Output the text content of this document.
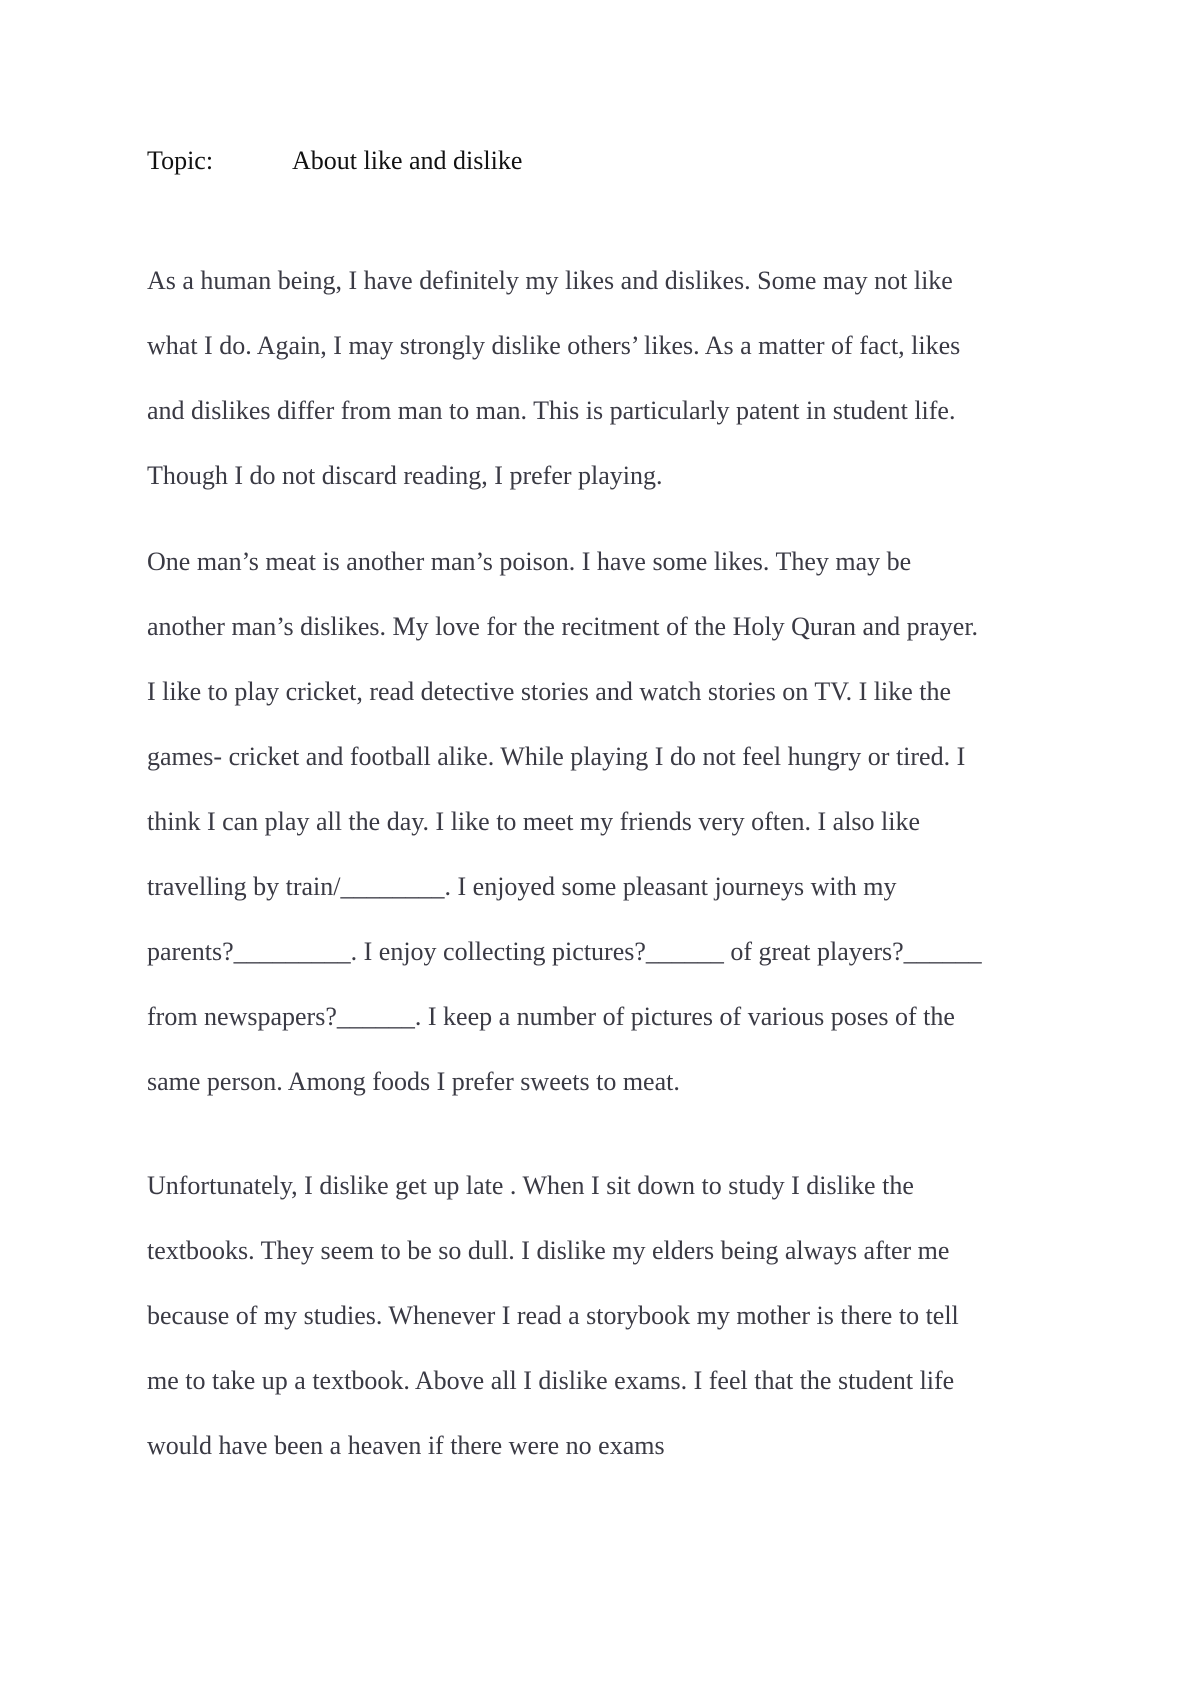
Topic:	About like and dislike
As a human being, I have definitely my likes and dislikes. Some may not like
what I do. Again, I may strongly dislike others’ likes. As a matter of fact, likes
and dislikes differ from man to man. This is particularly patent in student life.
Though I do not discard reading, I prefer playing.
One man’s meat is another man’s poison. I have some likes. They may be
another man’s dislikes. My love for the recitment of the Holy Quran and prayer.
I like to play cricket, read detective stories and watch stories on TV. I like the
games- cricket and football alike. While playing I do not feel hungry or tired. I
think I can play all the day. I like to meet my friends very often. I also like
travelling by train/________. I enjoyed some pleasant journeys with my
parents?_________. I enjoy collecting pictures?______ of great players?______
from newspapers?______. I keep a number of pictures of various poses of the
same person. Among foods I prefer sweets to meat.
Unfortunately, I dislike get up late . When I sit down to study I dislike the
textbooks. They seem to be so dull. I dislike my elders being always after me
because of my studies. Whenever I read a storybook my mother is there to tell
me to take up a textbook. Above all I dislike exams. I feel that the student life
would have been a heaven if there were no exams
